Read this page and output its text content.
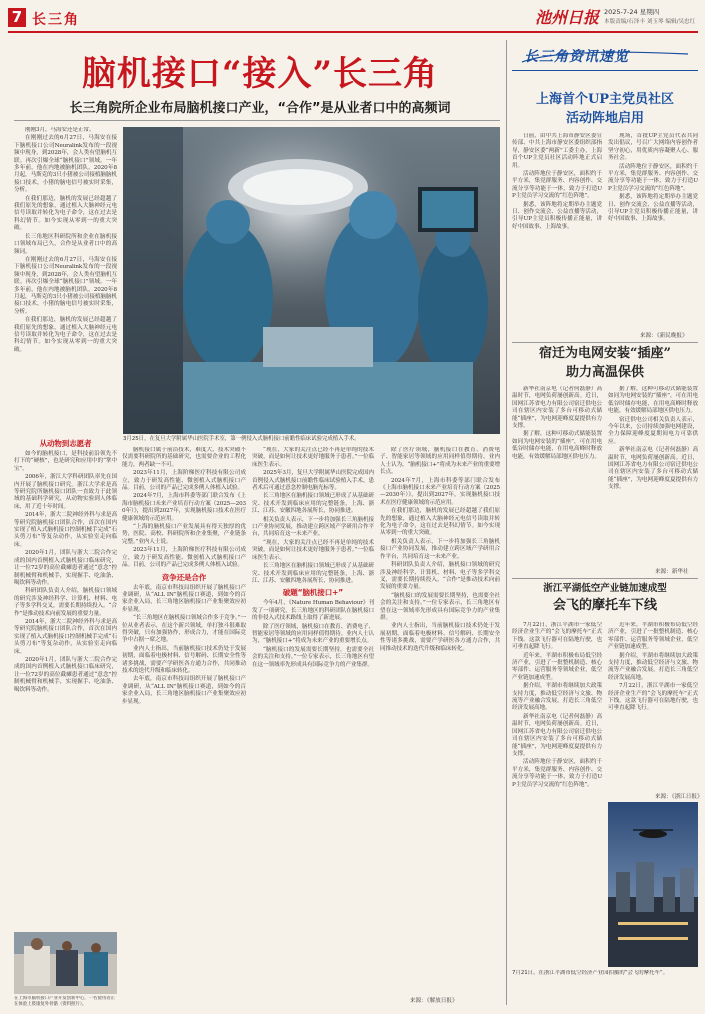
7 长三角	池州日报 2025-7-24 星期四
本版责编/石泽丰 刘玉琴 编辑/吴忠红
脑机接口“接入”长三角
长三角院所企业布局脑机接口产业，“合作”是从业者口中的高频词

刚刚3月，马海安还是正常。

在刚刚过去的6月27日，马海安在接下脑机接口公司Neuralink发布的一段视频中现身，到2028年，会人类有望脑机互联。再次引爆全球“脑机接口”领域。一年多年前，他在内地被脑机团队，2020年8月起，马斯克的3只小猪被公司接植脑脑机接口技术，小猪的脑电信号被实时采集，分析。

在我们那边，脑机的发展已经超越了我们原先的想象，通过植入大脑神经元电信号读取并转化为电子命令，这在过去是科幻情节。如今实现从零到一的重大突破。

长三角地区科研院所和企业在脑机接口领域布局已久，合作是从业者口中的高频词。

在刚刚过去的6月27日，马海安在接下脑机接口公司Neuralink发布的一段视频中现身，到2028年，会人类有望脑机互联。再次引爆全球“脑机接口”领域。一年多年前，他在内地被脑机团队，2020年8月起，马斯克的3只小猪被公司接植脑脑机接口技术，小猪的脑电信号被实时采集，分析。

在我们那边，脑机的发展已经超越了我们原先的想象，通过植入大脑神经元电信号读取并转化为电子命令，这在过去是科幻情节。如今实现从零到一的重大突破。

3月25日，在复旦大学附属华山医院手术室，第一例侵入式脑机接口前瞻性临床试验完成植入手术。
从动物到志愿者

如今的脑机接口，是科技前沿领先不打下的“硬核”，也是研究和应用中的“掌中宝”。

2006年，浙江大学科研团队率先在国内开展了脑机接口研究。浙江大学求是高等研究院所脑机接口团队一直致力于此领域的基础科学研究，从动物实验到人体临床，用了近十年时间。

2014年，浙大二院神经外科与求是高等研究院脑机接口团队合作，首次在国内实现了植入式脑机接口控制机械手完成“石头剪刀布”等复杂动作，从实验室走向临床。

2020年1月，团队与浙大二院合作完成的国内首例植入式脑机接口临床研究，让一位72岁的高位截瘫患者通过“意念”控制机械臂和机械手，实现握手、吃油条、喝饮料等动作。

科研团队负责人介绍，脑机接口领域的研究涉及神经科学、计算机、材料、电子等多学科交叉，需要长期持续投入。“合作”是推动技术向前发展的重要力量。

2014年，浙大二院神经外科与求是高等研究院脑机接口团队合作，首次在国内实现了植入式脑机接口控制机械手完成“石头剪刀布”等复杂动作，从实验室走向临床。

2020年1月，团队与浙大二院合作完成的国内首例植入式脑机接口临床研究，让一位72岁的高位截瘫患者通过“意念”控制机械臂和机械手，实现握手、吃油条、喝饮料等动作。

脑机接口属于前沿技术，难度大，技术突破不仅需要科研院所的基础研究，也需要企业的工程化能力，两者缺一不可。

2023年11月，上海阶梯医疗科技有限公司成立，致力于研发高性能、微创植入式脑机接口产品。目前，公司的产品已完成多例人体植入试验。

2024年7月，上海市科委等部门联合发布《上海市脑机接口未来产业培育行动方案（2025—2030年）》，提出到2027年，实现脑机接口技术在医疗健康领域的示范应用。

“上海的脑机接口产业发展具有得天独厚的优势，医院、高校、科研院所和企业集聚，产业链条完整。”业内人士说。

2023年11月，上海阶梯医疗科技有限公司成立，致力于研发高性能、微创植入式脑机接口产品。目前，公司的产品已完成多例人体植入试验。

竞争还是合作

去年底，南京市科技局组织开展了脑机接口产业调研，从“ALL IN”脑机接口赛道，到如今的百家企业入局，长三角地区脑机接口产业集聚效应初步显现。

“长三角地区在脑机接口领域合作多于竞争。”一位从业者表示，在这个新兴领域，单打独斗很难取得突破，只有加强协作，形成合力，才能在国际竞争中占据一席之地。

业内人士指出，当前脑机接口技术仍处于发展初期，面临着电极材料、信号解码、长期安全性等诸多挑战，需要产学研医各方通力合作，共同推动技术的迭代升级和临床转化。

去年底，南京市科技局组织开展了脑机接口产业调研，从“ALL IN”脑机接口赛道，到如今的百家企业入局，长三角地区脑机接口产业集聚效应初步显现。

“现在，大家的关注点已经不再是单纯的技术突破，而是如何让技术更好地服务于患者。”一位临床医生表示。

2025年3月，复旦大学附属华山医院完成国内首例侵入式脑机接口前瞻性临床试验植入手术，患者术后可通过意念控制电脑光标等。

长三角地区在脑机接口领域已形成了从基础研究、技术开发到临床应用的完整链条，上海、浙江、江苏、安徽四地各展所长，协同推进。

相关负责人表示，下一步将加强长三角脑机接口产业协同发展，推动建立跨区域产学研用合作平台，共同培育这一未来产业。

“现在，大家的关注点已经不再是单纯的技术突破，而是如何让技术更好地服务于患者。”一位临床医生表示。

长三角地区在脑机接口领域已形成了从基础研究、技术开发到临床应用的完整链条，上海、浙江、江苏、安徽四地各展所长，协同推进。

破题“脑机接口+”

今年4月，《Nature Human Behaviour》刊发了一项研究，长三角地区的科研团队在脑机接口的非侵入式技术路线上取得了新进展。

除了医疗领域，脑机接口在教育、消费电子、智能家居等领域的应用同样值得期待。业内人士认为，“脑机接口+”将成为未来产业的重要增长点。

“脑机接口的发展需要长期坚持，也需要全社会的关注和支持。”一位专家表示，长三角地区有望在这一领域率先形成具有国际竞争力的产业集群。

除了医疗领域，脑机接口在教育、消费电子、智能家居等领域的应用同样值得期待。业内人士认为，“脑机接口+”将成为未来产业的重要增长点。

2024年7月，上海市科委等部门联合发布《上海市脑机接口未来产业培育行动方案（2025—2030年）》，提出到2027年，实现脑机接口技术在医疗健康领域的示范应用。

在我们那边，脑机的发展已经超越了我们原先的想象，通过植入大脑神经元电信号读取并转化为电子命令，这在过去是科幻情节。如今实现从零到一的重大突破。

相关负责人表示，下一步将加强长三角脑机接口产业协同发展，推动建立跨区域产学研用合作平台，共同培育这一未来产业。

科研团队负责人介绍，脑机接口领域的研究涉及神经科学、计算机、材料、电子等多学科交叉，需要长期持续投入。“合作”是推动技术向前发展的重要力量。

“脑机接口的发展需要长期坚持，也需要全社会的关注和支持。”一位专家表示，长三角地区有望在这一领域率先形成具有国际竞争力的产业集群。

业内人士指出，当前脑机接口技术仍处于发展初期，面临着电极材料、信号解码、长期安全性等诸多挑战，需要产学研医各方通力合作，共同推动技术的迭代升级和临床转化。

来源：《解放日报》
在上海市脑机接口产业开发创新中心，一名使用者正在体验上肢康复外骨骼（资料照片）。
长三角资讯速览
上海首个UP主党员社区
活动阵地启用

日前，由中共上海市静安区委宣传部、中共上海市静安区委组织部指导，静安区委“两新”工委主办，上海首个UP主党员社区活动阵地正式启用。

活动阵地位于静安区，面积约千平方米，集党群服务、内容创作、交流分享等功能于一体，致力于打造UP主党员学习交流的“红色阵地”。

据悉，该阵地将定期举办主题党日、创作交流会、公益直播等活动，引导UP主党员积极传播正能量，讲好中国故事、上海故事。

现场，首批UP主党员代表共同发出倡议，号召广大网络内容创作者坚守初心，用优质内容凝聚人心、服务社会。

活动阵地位于静安区，面积约千平方米，集党群服务、内容创作、交流分享等功能于一体，致力于打造UP主党员学习交流的“红色阵地”。

据悉，该阵地将定期举办主题党日、创作交流会、公益直播等活动，引导UP主党员积极传播正能量，讲好中国故事、上海故事。

来源：《新民晚报》
宿迁为电网安装“插座”
助力高温保供

新华社南京电（记者何磊静）高温时节，电网负荷屡创新高。近日，国网江苏省电力有限公司宿迁供电公司在辖区内安装了多台可移动式储能“插座”，为电网迎峰度夏提供有力支撑。

据了解，这种可移动式储能装置如同为电网安装的“插座”，可在用电低谷时储存电能，在用电高峰时释放电能，有效缓解局部地区供电压力。

据了解，这种可移动式储能装置如同为电网安装的“插座”，可在用电低谷时储存电能，在用电高峰时释放电能，有效缓解局部地区供电压力。

宿迁供电公司相关负责人表示，今年以来，公司持续加强电网建设，全力保障迎峰度夏期间电力可靠供应。

新华社南京电（记者何磊静）高温时节，电网负荷屡创新高。近日，国网江苏省电力有限公司宿迁供电公司在辖区内安装了多台可移动式储能“插座”，为电网迎峰度夏提供有力支撑。

来源：新华社
浙江平湖低空产业链加速成型
会飞的摩托车下线

7月22日，浙江平湖市一家低空经济企业生产的“会飞的摩托车”正式下线。这款飞行器可在陆地行驶，也可垂直起降飞行。

近年来，平湖市积极布局低空经济产业，引进了一批整机制造、核心零部件、运营服务等领域企业，低空产业链加速成型。

据介绍，平湖市将继续加大政策支持力度，推动低空经济与文旅、物流等产业融合发展，打造长三角低空经济发展高地。

新华社南京电（记者何磊静）高温时节，电网负荷屡创新高。近日，国网江苏省电力有限公司宿迁供电公司在辖区内安装了多台可移动式储能“插座”，为电网迎峰度夏提供有力支撑。

活动阵地位于静安区，面积约千平方米，集党群服务、内容创作、交流分享等功能于一体，致力于打造UP主党员学习交流的“红色阵地”。

近年来，平湖市积极布局低空经济产业，引进了一批整机制造、核心零部件、运营服务等领域企业，低空产业链加速成型。

据介绍，平湖市将继续加大政策支持力度，推动低空经济与文旅、物流等产业融合发展，打造长三角低空经济发展高地。

7月22日，浙江平湖市一家低空经济企业生产的“会飞的摩托车”正式下线。这款飞行器可在陆地行驶，也可垂直起降飞行。

来源：《浙江日报》
7月21日，在浙江平湖市低空经济产业园拍摄的“会飞的摩托车”。
